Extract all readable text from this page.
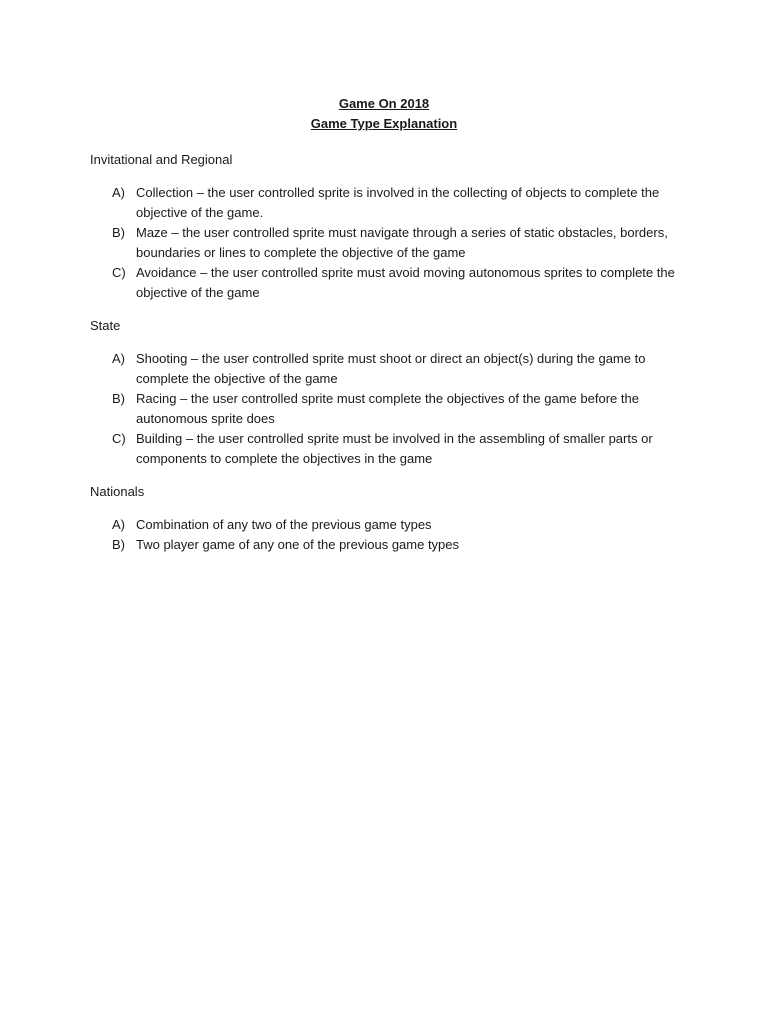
Game On 2018
Game Type Explanation

Invitational and Regional

A) Collection – the user controlled sprite is involved in the collecting of objects to complete the objective of the game.
B) Maze – the user controlled sprite must navigate through a series of static obstacles, borders, boundaries or lines to complete the objective of the game
C) Avoidance – the user controlled sprite must avoid moving autonomous sprites to complete the objective of the game

State

A) Shooting – the user controlled sprite must shoot or direct an object(s) during the game to complete the objective of the game
B) Racing – the user controlled sprite must complete the objectives of the game before the autonomous sprite does
C) Building – the user controlled sprite must be involved in the assembling of smaller parts or components to complete the objectives in the game

Nationals

A) Combination of any two of the previous game types
B) Two player game of any one of the previous game types
